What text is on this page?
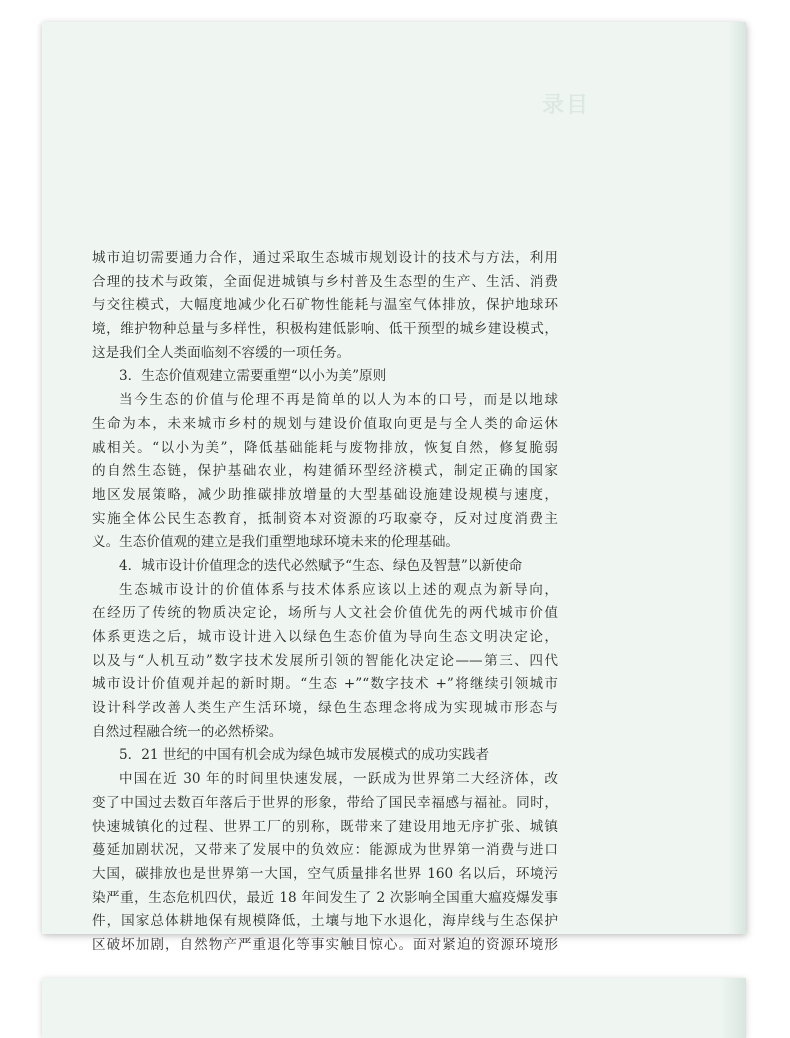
录目
城市迫切需要通力合作，通过采取生态城市规划设计的技术与方法，利用
合理的技术与政策，全面促进城镇与乡村普及生态型的生产、生活、消费
与交往模式，大幅度地减少化石矿物性能耗与温室气体排放，保护地球环
境，维护物种总量与多样性，积极构建低影响、低干预型的城乡建设模式，
这是我们全人类面临刻不容缓的一项任务。
3．生态价值观建立需要重塑“以小为美”原则
当今生态的价值与伦理不再是简单的以人为本的口号，而是以地球
生命为本，未来城市乡村的规划与建设价值取向更是与全人类的命运休
戚相关。“以小为美”，降低基础能耗与废物排放，恢复自然，修复脆弱
的自然生态链，保护基础农业，构建循环型经济模式，制定正确的国家
地区发展策略，减少助推碳排放增量的大型基础设施建设规模与速度，
实施全体公民生态教育，抵制资本对资源的巧取豪夺，反对过度消费主
义。生态价值观的建立是我们重塑地球环境未来的伦理基础。
4．城市设计价值理念的迭代必然赋予“生态、绿色及智慧”以新使命
生态城市设计的价值体系与技术体系应该以上述的观点为新导向，
在经历了传统的物质决定论，场所与人文社会价值优先的两代城市价值
体系更迭之后，城市设计进入以绿色生态价值为导向生态文明决定论，
以及与“人机互动”数字技术发展所引领的智能化决定论——第三、四代
城市设计价值观并起的新时期。“生态 +”“数字技术 +”将继续引领城市
设计科学改善人类生产生活环境，绿色生态理念将成为实现城市形态与
自然过程融合统一的必然桥梁。
5．21 世纪的中国有机会成为绿色城市发展模式的成功实践者
中国在近 30 年的时间里快速发展，一跃成为世界第二大经济体，改
变了中国过去数百年落后于世界的形象，带给了国民幸福感与福祉。同时，
快速城镇化的过程、世界工厂的别称，既带来了建设用地无序扩张、城镇
蔓延加剧状况，又带来了发展中的负效应：能源成为世界第一消费与进口
大国，碳排放也是世界第一大国，空气质量排名世界 160 名以后，环境污
染严重，生态危机四伏，最近 18 年间发生了 2 次影响全国重大瘟疫爆发事
件，国家总体耕地保有规模降低，土壤与地下水退化，海岸线与生态保护
区破坏加剧，自然物产严重退化等事实触目惊心。面对紧迫的资源环境形
